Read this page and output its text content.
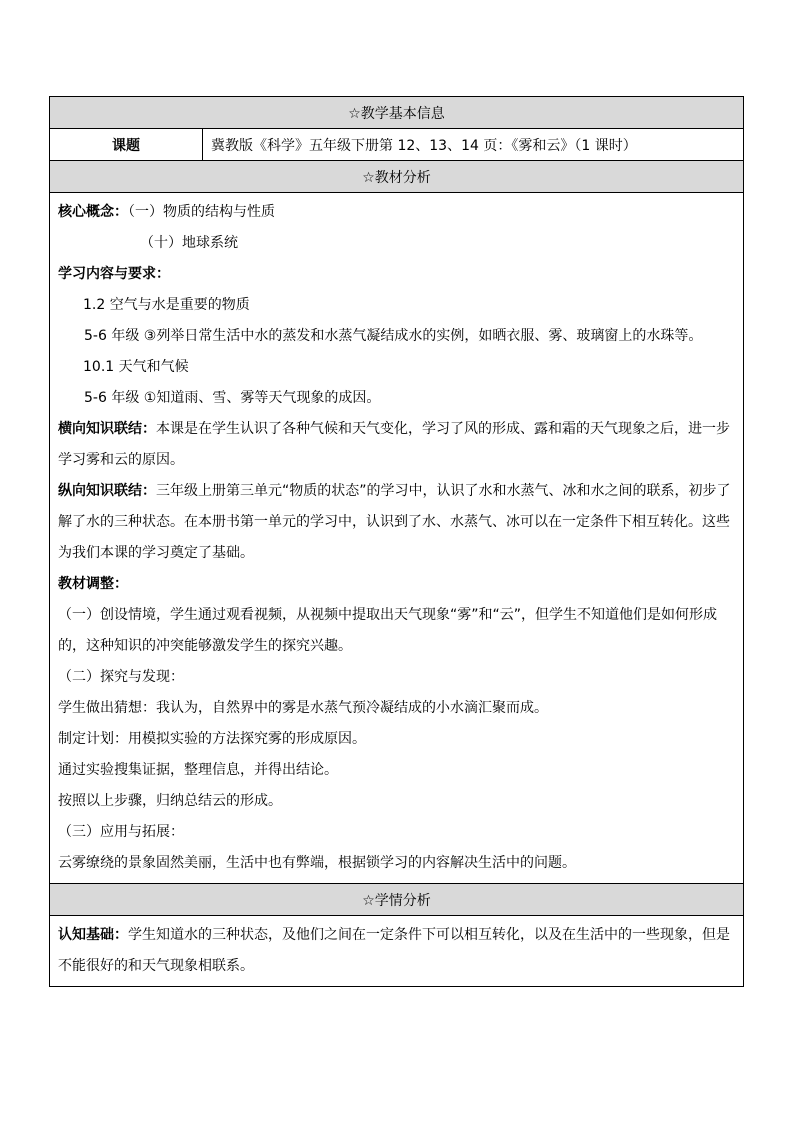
☆教学基本信息
课题	冀教版《科学》五年级下册第 12、13、14 页：《雾和云》（1 课时）
☆教材分析

核心概念：（一）物质的结构与性质

（十）地球系统

学习内容与要求：

1.2 空气与水是重要的物质

5-6 年级 ③列举日常生活中水的蒸发和水蒸气凝结成水的实例，如晒衣服、雾、玻璃窗上的水珠等。

10.1 天气和气候

5-6 年级 ①知道雨、雪、雾等天气现象的成因。

横向知识联结：本课是在学生认识了各种气候和天气变化，学习了风的形成、露和霜的天气现象之后，进一步学习雾和云的原因。

纵向知识联结：三年级上册第三单元“物质的状态”的学习中，认识了水和水蒸气、冰和水之间的联系，初步了解了水的三种状态。在本册书第一单元的学习中，认识到了水、水蒸气、冰可以在一定条件下相互转化。这些为我们本课的学习奠定了基础。

教材调整：

（一）创设情境，学生通过观看视频，从视频中提取出天气现象“雾”和“云”，但学生不知道他们是如何形成的，这种知识的冲突能够激发学生的探究兴趣。

（二）探究与发现：

学生做出猜想：我认为，自然界中的雾是水蒸气预冷凝结成的小水滴汇聚而成。

制定计划：用模拟实验的方法探究雾的形成原因。

通过实验搜集证据，整理信息，并得出结论。

按照以上步骤，归纳总结云的形成。

（三）应用与拓展：

云雾缭绕的景象固然美丽，生活中也有弊端，根据锁学习的内容解决生活中的问题。

☆学情分析

认知基础：学生知道水的三种状态，及他们之间在一定条件下可以相互转化，以及在生活中的一些现象，但是不能很好的和天气现象相联系。
